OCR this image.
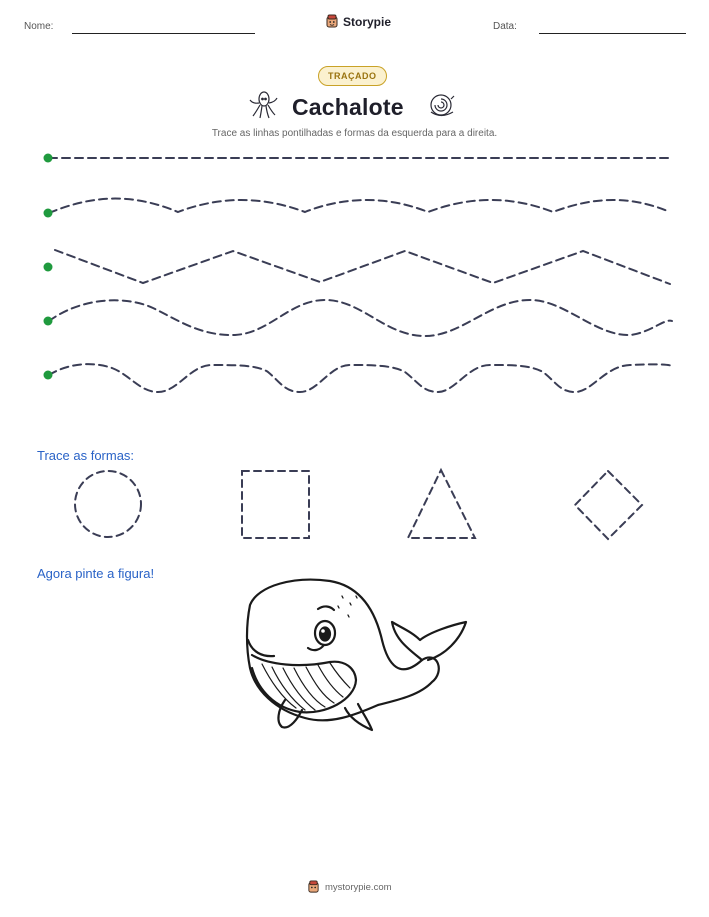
Nome:	Storypie	Data:
TRAÇADO
Cachalote
Trace as linhas pontilhadas e formas da esquerda para a direita.
Trace as formas:
Agora pinte a figura!
mystorypie.com
